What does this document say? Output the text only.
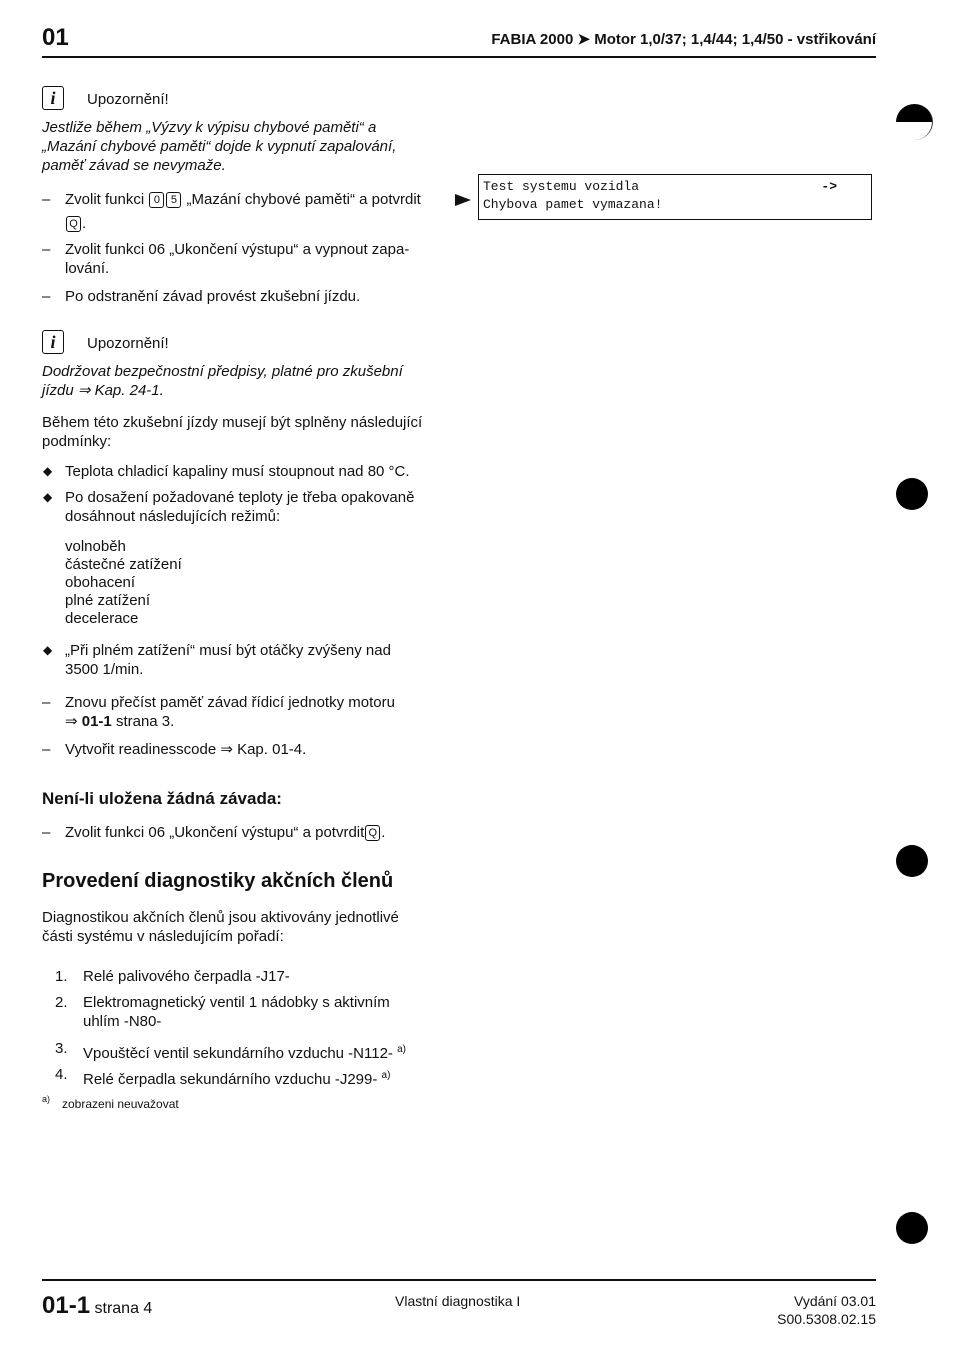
01	FABIA 2000 ➤ Motor 1,0/37; 1,4/44; 1,4/50 - vstřikování
i	Upozornění!
Jestliže během „Výzvy k výpisu chybové paměti“ a
„Mazání chybové paměti“ dojde k vypnutí zapalování,
paměť závad se nevymaže.
– Zvolit funkci 0 5 „Mazání chybové paměti“ a potvrdit
Q .
– Zvolit funkci 06 „Ukončení výstupu“ a vypnout zapa-
lování.
– Po odstranění závad provést zkušební jízdu.
Test systemu vozidla
Chybova pamet vymazana!
->
i	Upozornění!
Dodržovat bezpečnostní předpisy, platné pro zkušební
jízdu ⇒ Kap. 24-1.
Během této zkušební jízdy musejí být splněny následující
podmínky:
◆ Teplota chladicí kapaliny musí stoupnout nad 80 °C.
◆ Po dosažení požadované teploty je třeba opakovaně
dosáhnout následujících režimů:
volnoběh
částečné zatížení
obohacení
plné zatížení
decelerace
◆ „Při plném zatížení“ musí být otáčky zvýšeny nad
3500 1/min.
– Znovu přečíst paměť závad řídicí jednotky motoru
⇒ 01-1 strana 3.
– Vytvořit readinesscode ⇒ Kap. 01-4.
Není-li uložena žádná závada:
– Zvolit funkci 06 „Ukončení výstupu“ a potvrdit Q .
Provedení diagnostiky akčních členů
Diagnostikou akčních členů jsou aktivovány jednotlivé
části systému v následujícím pořadí:
1. Relé palivového čerpadla -J17-
2. Elektromagnetický ventil 1 nádobky s aktivním
uhlím -N80-
3. Vpouštěcí ventil sekundárního vzduchu -N112- $^{a)}$
4. Relé čerpadla sekundárního vzduchu -J299- $^{a)}$
a) zobrazeni neuvažovat
01-1 strana 4	Vlastní diagnostika I	Vydání 03.01
S00.5308.02.15
